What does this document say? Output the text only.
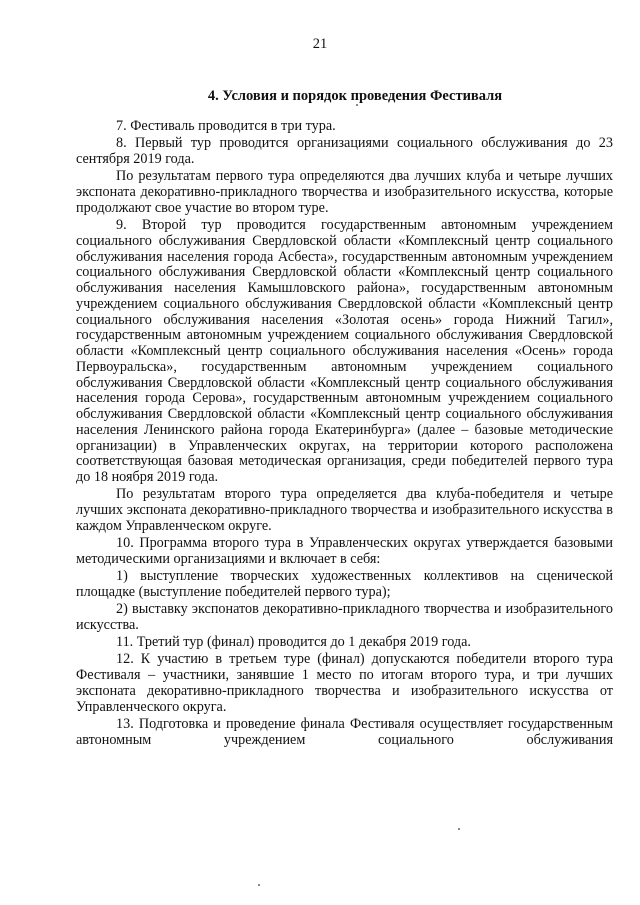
21
4. Условия и порядок проведения Фестиваля

7. Фестиваль проводится в три тура.

8. Первый тур проводится организациями социального обслуживания до 23 сентября 2019 года.

По результатам первого тура определяются два лучших клуба и четыре лучших экспоната декоративно-прикладного творчества и изобразительного искусства, которые продолжают свое участие во втором туре.

9. Второй тур проводится государственным автономным учреждением социального обслуживания Свердловской области «Комплексный центр социального обслуживания населения города Асбеста», государственным автономным учреждением социального обслуживания Свердловской области «Комплексный центр социального обслуживания населения Камышловского района», государственным автономным учреждением социального обслуживания Свердловской области «Комплексный центр социального обслуживания населения «Золотая осень» города Нижний Тагил», государственным автономным учреждением социального обслуживания Свердловской области «Комплексный центр социального обслуживания населения «Осень» города Первоуральска», государственным автономным учреждением социального обслуживания Свердловской области «Комплексный центр социального обслуживания населения города Серова», государственным автономным учреждением социального обслуживания Свердловской области «Комплексный центр социального обслуживания населения Ленинского района города Екатеринбурга» (далее – базовые методические организации) в Управленческих округах, на территории которого расположена соответствующая базовая методическая организация, среди победителей первого тура до 18 ноября 2019 года.

По результатам второго тура определяется два клуба-победителя и четыре лучших экспоната декоративно-прикладного творчества и изобразительного искусства в каждом Управленческом округе.

10. Программа второго тура в Управленческих округах утверждается базовыми методическими организациями и включает в себя:

1) выступление творческих художественных коллективов на сценической площадке (выступление победителей первого тура);

2) выставку экспонатов декоративно-прикладного творчества и изобразительного искусства.

11. Третий тур (финал) проводится до 1 декабря 2019 года.

12. К участию в третьем туре (финал) допускаются победители второго тура Фестиваля – участники, занявшие 1 место по итогам второго тура, и три лучших экспоната декоративно-прикладного творчества и изобразительного искусства от Управленческого округа.

13. Подготовка и проведение финала Фестиваля осуществляет государственным автономным учреждением социального обслуживания
